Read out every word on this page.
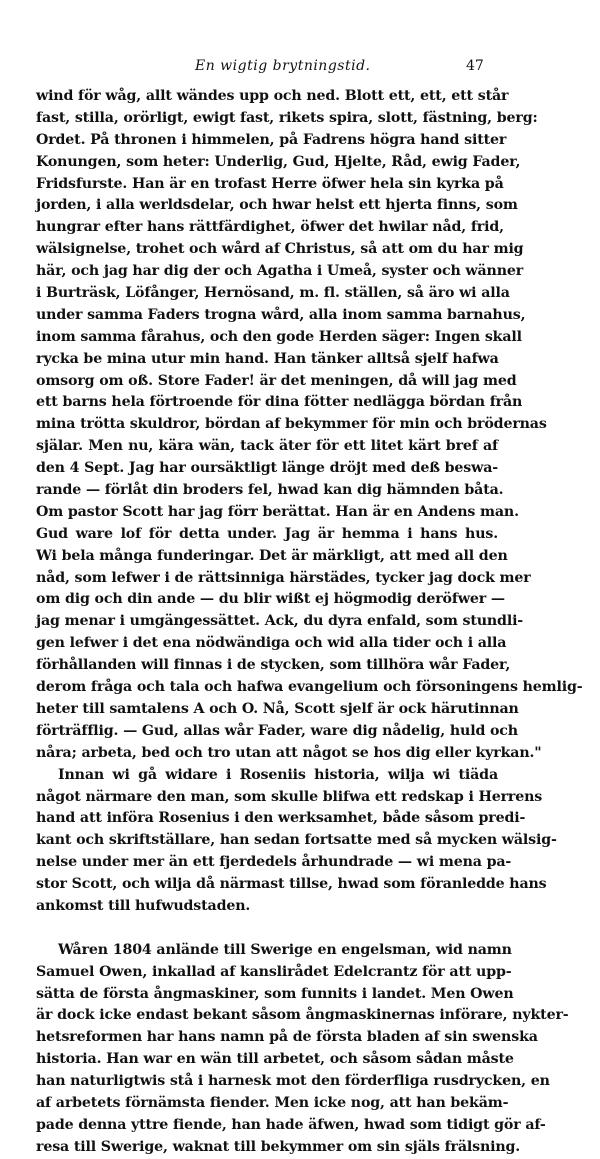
En wigtig brytningstid.	47
wind för wåg, allt wändes upp och ned. Blott ett, ett, ett står
fast, stilla, orörligt, ewigt fast, rikets spira, slott, fästning, berg:
Ordet. På thronen i himmelen, på Fadrens högra hand sitter
Konungen, som heter: Underlig, Gud, Hjelte, Råd, ewig Fader,
Fridsfurste. Han är en trofast Herre öfwer hela sin kyrka på
jorden, i alla werldsdelar, och hwar helst ett hjerta finns, som
hungrar efter hans rättfärdighet, öfwer det hwilar nåd, frid,
wälsignelse, trohet och wård af Christus, så att om du har mig
här, och jag har dig der och Agatha i Umeå, syster och wänner
i Burträsk, Löfånger, Hernösand, m. fl. ställen, så äro wi alla
under samma Faders trogna wård, alla inom samma barnahus,
inom samma fårahus, och den gode Herden säger: Ingen skall
rycka be mina utur min hand. Han tänker alltså sjelf hafwa
omsorg om oß. Store Fader! är det meningen, då will jag med
ett barns hela förtroende för dina fötter nedlägga bördan från
mina trötta skuldror, bördan af bekymmer för min och brödernas
själar. Men nu, kära wän, tack äter för ett litet kärt bref af
den 4 Sept. Jag har oursäktligt länge dröjt med deß beswa-
rande — förlåt din broders fel, hwad kan dig hämnden båta.
Om pastor Scott har jag förr berättat. Han är en Andens man.
Gud ware lof för detta under. Jag är hemma i hans hus.
Wi bela många funderingar. Det är märkligt, att med all den
nåd, som lefwer i de rättsinniga härstädes, tycker jag dock mer
om dig och din ande — du blir wißt ej högmodig deröfwer —
jag menar i umgängessättet. Ack, du dyra enfald, som stundli-
gen lefwer i det ena nödwändiga och wid alla tider och i alla
förhållanden will finnas i de stycken, som tillhöra wår Fader,
derom fråga och tala och hafwa evangelium och försoningens hemlig-
heter till samtalens A och O. Nå, Scott sjelf är ock härutinnan
förträfflig. — Gud, allas wår Fader, ware dig nådelig, huld och
nåra; arbeta, bed och tro utan att något se hos dig eller kyrkan."
Innan wi gå widare i Roseniis historia, wilja wi tiäda
något närmare den man, som skulle blifwa ett redskap i Herrens
hand att införa Rosenius i den werksamhet, både såsom predi-
kant och skriftställare, han sedan fortsatte med så mycken wälsig-
nelse under mer än ett fjerdedels århundrade — wi mena pa-
stor Scott, och wilja då närmast tillse, hwad som föranledde hans
ankomst till hufwudstaden.
Wåren 1804 anlände till Swerige en engelsman, wid namn
Samuel Owen, inkallad af kanslirådet Edelcrantz för att upp-
sätta de första ångmaskiner, som funnits i landet. Men Owen
är dock icke endast bekant såsom ångmaskinernas införare, nykter-
hetsreformen har hans namn på de första bladen af sin swenska
historia. Han war en wän till arbetet, och såsom sådan måste
han naturligtwis stå i harnesk mot den förderfliga rusdrycken, en
af arbetets förnämsta fiender. Men icke nog, att han bekäm-
pade denna yttre fiende, han hade äfwen, hwad som tidigt gör af-
resa till Swerige, waknat till bekymmer om sin själs frälsning.
